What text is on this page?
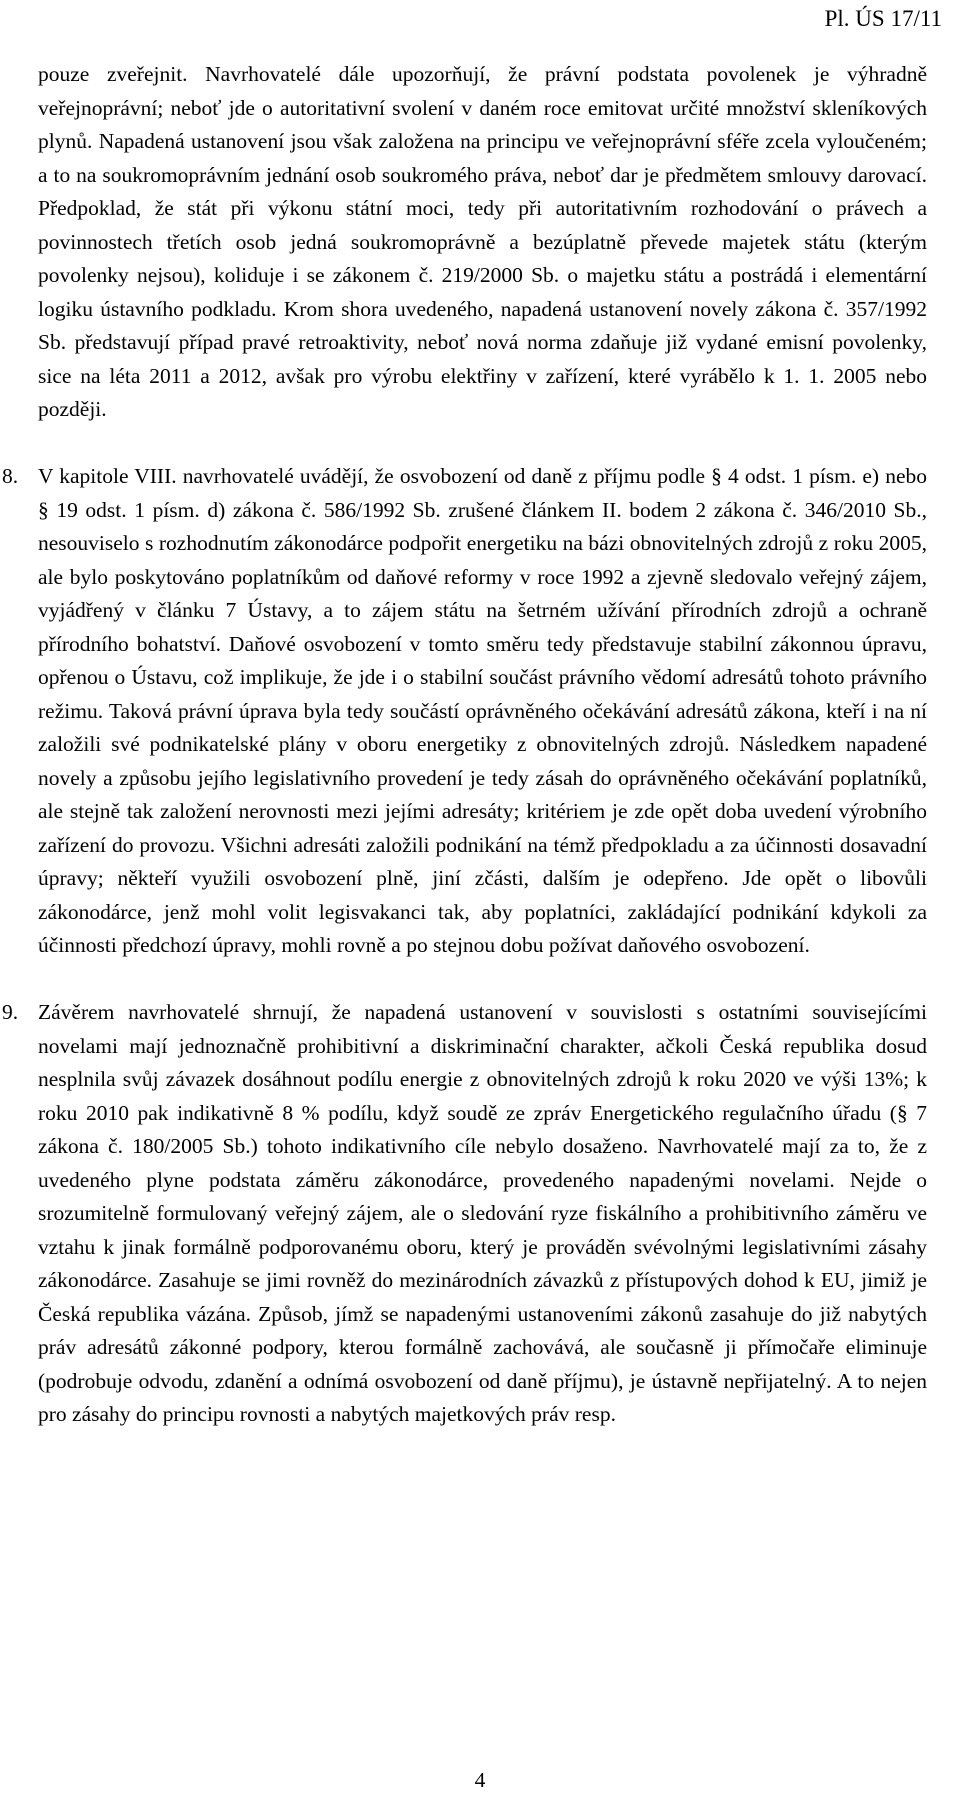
Pl. ÚS 17/11

pouze zveřejnit. Navrhovatelé dále upozorňují, že právní podstata povolenek je výhradně veřejnoprávní; neboť jde o autoritativní svolení v daném roce emitovat určité množství skleníkových plynů. Napadená ustanovení jsou však založena na principu ve veřejnoprávní sféře zcela vyloučeném; a to na soukromoprávním jednání osob soukromého práva, neboť dar je předmětem smlouvy darovací. Předpoklad, že stát při výkonu státní moci, tedy při autoritativním rozhodování o právech a povinnostech třetích osob jedná soukromoprávně a bezúplatně převede majetek státu (kterým povolenky nejsou), koliduje i se zákonem č. 219/2000 Sb. o majetku státu a postrádá i elementární logiku ústavního podkladu. Krom shora uvedeného, napadená ustanovení novely zákona č. 357/1992 Sb. představují případ pravé retroaktivity, neboť nová norma zdaňuje již vydané emisní povolenky, sice na léta 2011 a 2012, avšak pro výrobu elektřiny v zařízení, které vyrábělo k 1. 1. 2005 nebo později.

8. V kapitole VIII. navrhovatelé uvádějí, že osvobození od daně z příjmu podle § 4 odst. 1 písm. e) nebo § 19 odst. 1 písm. d) zákona č. 586/1992 Sb. zrušené článkem II. bodem 2 zákona č. 346/2010 Sb., nesouviselo s rozhodnutím zákonodárce podpořit energetiku na bázi obnovitelných zdrojů z roku 2005, ale bylo poskytováno poplatníkům od daňové reformy v roce 1992 a zjevně sledovalo veřejný zájem, vyjádřený v článku 7 Ústavy, a to zájem státu na šetrném užívání přírodních zdrojů a ochraně přírodního bohatství. Daňové osvobození v tomto směru tedy představuje stabilní zákonnou úpravu, opřenou o Ústavu, což implikuje, že jde i o stabilní součást právního vědomí adresátů tohoto právního režimu. Taková právní úprava byla tedy součástí oprávněného očekávání adresátů zákona, kteří i na ní založili své podnikatelské plány v oboru energetiky z obnovitelných zdrojů. Následkem napadené novely a způsobu jejího legislativního provedení je tedy zásah do oprávněného očekávání poplatníků, ale stejně tak založení nerovnosti mezi jejími adresáty; kritériem je zde opět doba uvedení výrobního zařízení do provozu. Všichni adresáti založili podnikání na témž předpokladu a za účinnosti dosavadní úpravy; někteří využili osvobození plně, jiní zčásti, dalším je odepřeno. Jde opět o libovůli zákonodárce, jenž mohl volit legisvakanci tak, aby poplatníci, zakládající podnikání kdykoli za účinnosti předchozí úpravy, mohli rovně a po stejnou dobu požívat daňového osvobození.

9. Závěrem navrhovatelé shrnují, že napadená ustanovení v souvislosti s ostatními souvisejícími novelami mají jednoznačně prohibitivní a diskriminační charakter, ačkoli Česká republika dosud nesplnila svůj závazek dosáhnout podílu energie z obnovitelných zdrojů k roku 2020 ve výši 13%; k roku 2010 pak indikativně 8 % podílu, když soudě ze zpráv Energetického regulačního úřadu (§ 7 zákona č. 180/2005 Sb.) tohoto indikativního cíle nebylo dosaženo. Navrhovatelé mají za to, že z uvedeného plyne podstata záměru zákonodárce, provedeného napadenými novelami. Nejde o srozumitelně formulovaný veřejný zájem, ale o sledování ryze fiskálního a prohibitivního záměru ve vztahu k jinak formálně podporovanému oboru, který je prováděn svévolnými legislativními zásahy zákonodárce. Zasahuje se jimi rovněž do mezinárodních závazků z přístupových dohod k EU, jimiž je Česká republika vázána. Způsob, jímž se napadenými ustanoveními zákonů zasahuje do již nabytých práv adresátů zákonné podpory, kterou formálně zachovává, ale současně ji přímočaře eliminuje (podrobuje odvodu, zdanění a odnímá osvobození od daně příjmu), je ústavně nepřijatelný. A to nejen pro zásahy do principu rovnosti a nabytých majetkových práv resp.

4
